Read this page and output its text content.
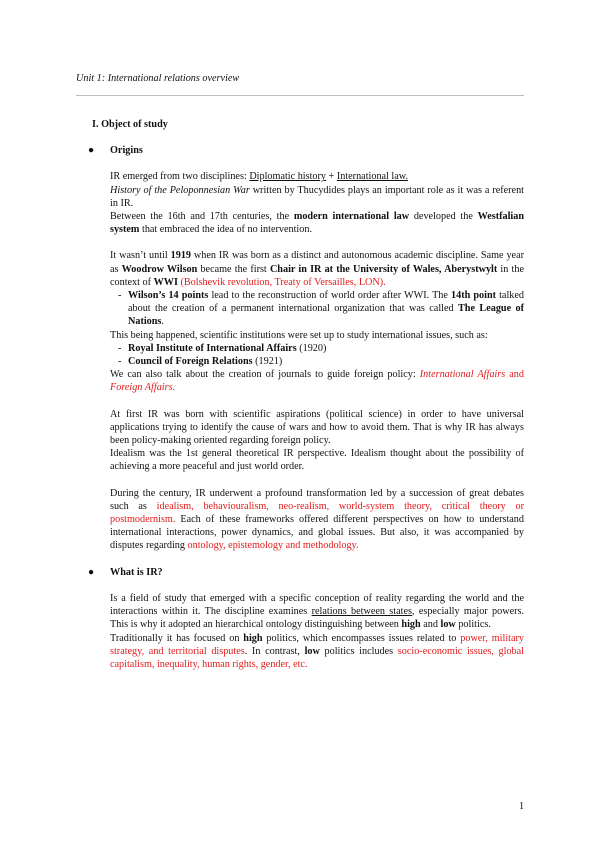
Unit 1: International relations overview
I. Object of study
● Origins
IR emerged from two disciplines: Diplomatic history + International law.
History of the Peloponnesian War written by Thucydides plays an important role as it was a referent in IR.
Between the 16th and 17th centuries, the modern international law developed the Westfalian system that embraced the idea of no intervention.
It wasn’t until 1919 when IR was born as a distinct and autonomous academic discipline. Same year as Woodrow Wilson became the first Chair in IR at the University of Wales, Aberystwylt in the context of WWI (Bolshevik revolution, Treaty of Versailles, LON).
- Wilson’s 14 points lead to the reconstruction of world order after WWI. The 14th point talked about the creation of a permanent international organization that was called The League of Nations.
This being happened, scientific institutions were set up to study international issues, such as:
- Royal Institute of International Affairs (1920)
- Council of Foreign Relations (1921)
We can also talk about the creation of journals to guide foreign policy: International Affairs and Foreign Affairs.
At first IR was born with scientific aspirations (political science) in order to have universal applications trying to identify the cause of wars and how to avoid them. That is why IR has always been policy-making oriented regarding foreign policy.
Idealism was the 1st general theoretical IR perspective. Idealism thought about the possibility of achieving a more peaceful and just world order.
During the century, IR underwent a profound transformation led by a succession of great debates such as idealism, behaviouralism, neo-realism, world-system theory, critical theory or postmodernism. Each of these frameworks offered different perspectives on how to understand international interactions, power dynamics, and global issues. But also, it was accompanied by disputes regarding ontology, epistemology and methodology.
● What is IR?
Is a field of study that emerged with a specific conception of reality regarding the world and the interactions within it. The discipline examines relations between states, especially major powers. This is why it adopted an hierarchical ontology distinguishing between high and low politics.
Traditionally it has focused on high politics, which encompasses issues related to power, military strategy, and territorial disputes. In contrast, low politics includes socio-economic issues, global capitalism, inequality, human rights, gender, etc.
1
